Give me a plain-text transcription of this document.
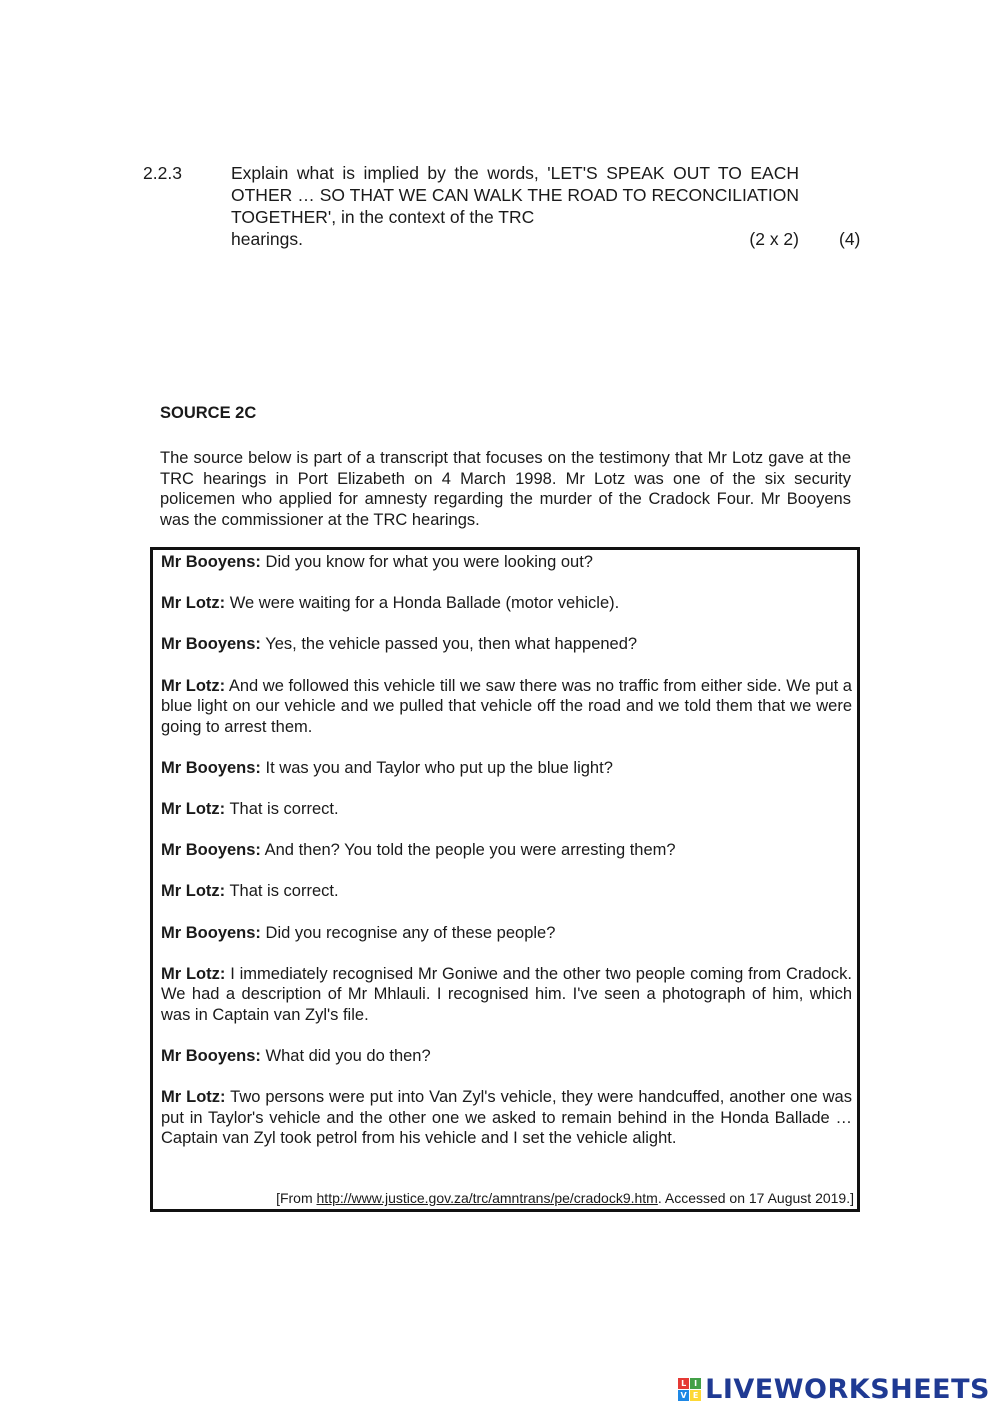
2.2.3	Explain what is implied by the words, 'LET'S SPEAK OUT TO EACH OTHER … SO THAT WE CAN WALK THE ROAD TO RECONCILIATION TOGETHER', in the context of the TRC
hearings.	(2 x 2) (4)
SOURCE 2C
The source below is part of a transcript that focuses on the testimony that Mr Lotz gave at the TRC hearings in Port Elizabeth on 4 March 1998. Mr Lotz was one of the six security policemen who applied for amnesty regarding the murder of the Cradock Four. Mr Booyens was the commissioner at the TRC hearings.
Mr Booyens: Did you know for what you were looking out?
Mr Lotz: We were waiting for a Honda Ballade (motor vehicle).
Mr Booyens: Yes, the vehicle passed you, then what happened?
Mr Lotz: And we followed this vehicle till we saw there was no traffic from either side. We put a blue light on our vehicle and we pulled that vehicle off the road and we told them that we were going to arrest them.
Mr Booyens: It was you and Taylor who put up the blue light?
Mr Lotz: That is correct.
Mr Booyens: And then? You told the people you were arresting them?
Mr Lotz: That is correct.
Mr Booyens: Did you recognise any of these people?
Mr Lotz: I immediately recognised Mr Goniwe and the other two people coming from Cradock. We had a description of Mr Mhlauli. I recognised him. I've seen a photograph of him, which was in Captain van Zyl's file.
Mr Booyens: What did you do then?
Mr Lotz: Two persons were put into Van Zyl's vehicle, they were handcuffed, another one was put in Taylor's vehicle and the other one we asked to remain behind in the Honda Ballade … Captain van Zyl took petrol from his vehicle and I set the vehicle alight.
[From http://www.justice.gov.za/trc/amntrans/pe/cradock9.htm. Accessed on 17 August 2019.]
L I
V E LIVEWORKSHEETS
